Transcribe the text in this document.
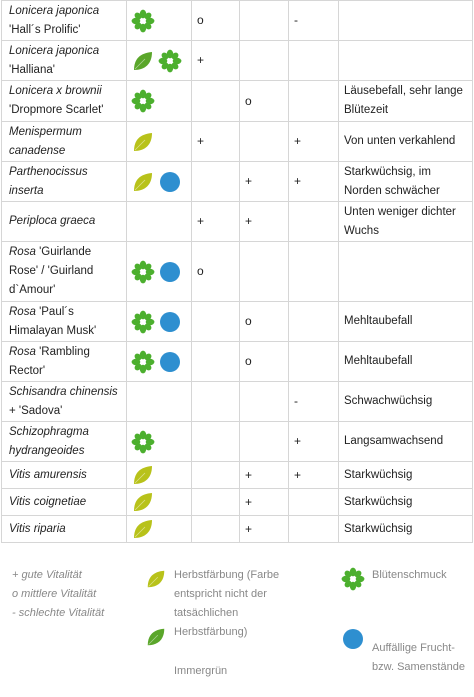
Lonicera japonica 'Hall´s Prolific'		o		-	
Lonicera japonica 'Halliana'		+			
Lonicera x brownii 'Dropmore Scarlet'			o		Läusebefall, sehr lange Blütezeit
Menispermum canadense		+		+	Von unten verkahlend
Parthenocissus inserta			+	+	Starkwüchsig, im Norden schwächer
Periploca graeca		+	+		Unten weniger dichter Wuchs
Rosa 'Guirlande Rose' / 'Guirland d`Amour'		o			
Rosa 'Paul´s Himalayan Musk'			o		Mehltaubefall
Rosa 'Rambling Rector'			o		Mehltaubefall
Schisandra chinensis + 'Sadova'				-	Schwachwüchsig
Schizophragma hydrangeoides				+	Langsamwachsend
Vitis amurensis			+	+	Starkwüchsig
Vitis coignetiae			+		Starkwüchsig
Vitis riparia			+		Starkwüchsig
+ gute Vitalität
o mittlere Vitalität
- schlechte Vitalität
Herbstfärbung (Farbe entspricht nicht der tatsächlichen Herbstfärbung)
Immergrün
Blütenschmuck
Auffällige Frucht- bzw. Samenstände
